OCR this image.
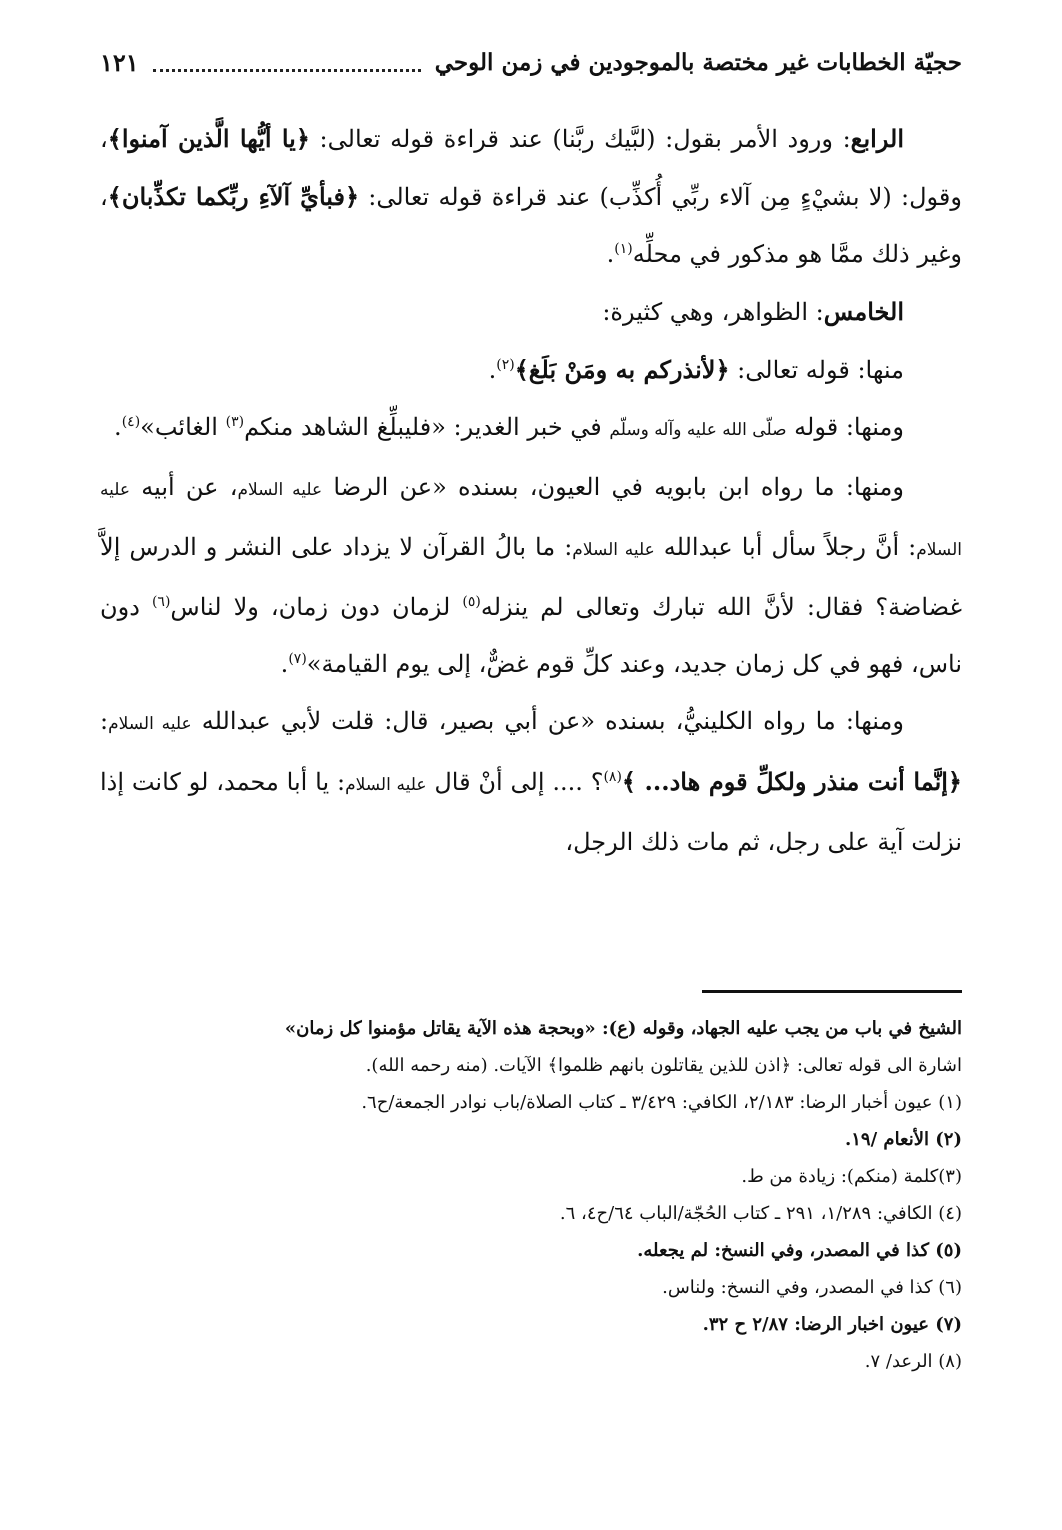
حجيّة الخطابات غير مختصة بالموجودين في زمن الوحي
١٢١

الرابع: ورود الأمر بقول: (لبَّيك ربَّنا) عند قراءة قوله تعالى: ﴿يا أيُّها الَّذين آمنوا﴾، وقول: (لا بشيْءٍ مِن آلاء ربِّي أُكذِّب) عند قراءة قوله تعالى: ﴿فبأيِّ آلآءِ ربِّكما تكذِّبان﴾، وغير ذلك ممَّا هو مذكور في محلِّه$^{(١)}$.

الخامس: الظواهر، وهي كثيرة:

منها: قوله تعالى: ﴿لأنذركم به ومَنْ بَلَغ﴾$^{(٢)}$.

ومنها: قوله صلّى الله عليه وآله وسلّم في خبر الغدير: «فليبلِّغ الشاهد منكم$^{(٣)}$ الغائب»$^{(٤)}$.

ومنها: ما رواه ابن بابويه في العيون، بسنده «عن الرضا عليه السلام، عن أبيه عليه السلام: أنَّ رجلاً سأل أبا عبدالله عليه السلام: ما بالُ القرآن لا يزداد على النشر و الدرس إلاَّ غضاضة؟ فقال: لأنَّ الله تبارك وتعالى لم ينزله$^{(٥)}$ لزمان دون زمان، ولا لناس$^{(٦)}$ دون ناس، فهو في كل زمان جديد، وعند كلِّ قوم غضٌّ، إلى يوم القيامة»$^{(٧)}$.

ومنها: ما رواه الكلينيُّ، بسنده «عن أبي بصير، قال: قلت لأبي عبدالله عليه السلام: ﴿إنَّما أنت منذر ولكلِّ قوم هاد... ﴾$^{(٨)}$؟ .... إلى أنْ قال عليه السلام: يا أبا محمد، لو كانت إذا نزلت آية على رجل، ثم مات ذلك الرجل،

الشيخ في باب من يجب عليه الجهاد، وقوله (ع): «وبحجة هذه الآية يقاتل مؤمنوا كل زمان»

اشارة الى قوله تعالى: ﴿اذن للذين يقاتلون بانهم ظلموا﴾ الآيات. (منه رحمه الله).

(١) عيون أخبار الرضا: ٢/١٨٣، الكافي: ٣/٤٢٩ ـ كتاب الصلاة/باب نوادر الجمعة/ح٦.

(٢) الأنعام /١٩.

(٣)كلمة (منكم): زيادة من ط.

(٤) الكافي: ١/٢٨٩، ٢٩١ ـ كتاب الحُجّة/الباب ٦٤/ح٤، ٦.

(٥) كذا في المصدر، وفي النسخ: لم يجعله.

(٦) كذا في المصدر، وفي النسخ: ولناس.

(٧) عيون اخبار الرضا: ٢/٨٧ ح ٣٢.

(٨) الرعد/ ٧.
